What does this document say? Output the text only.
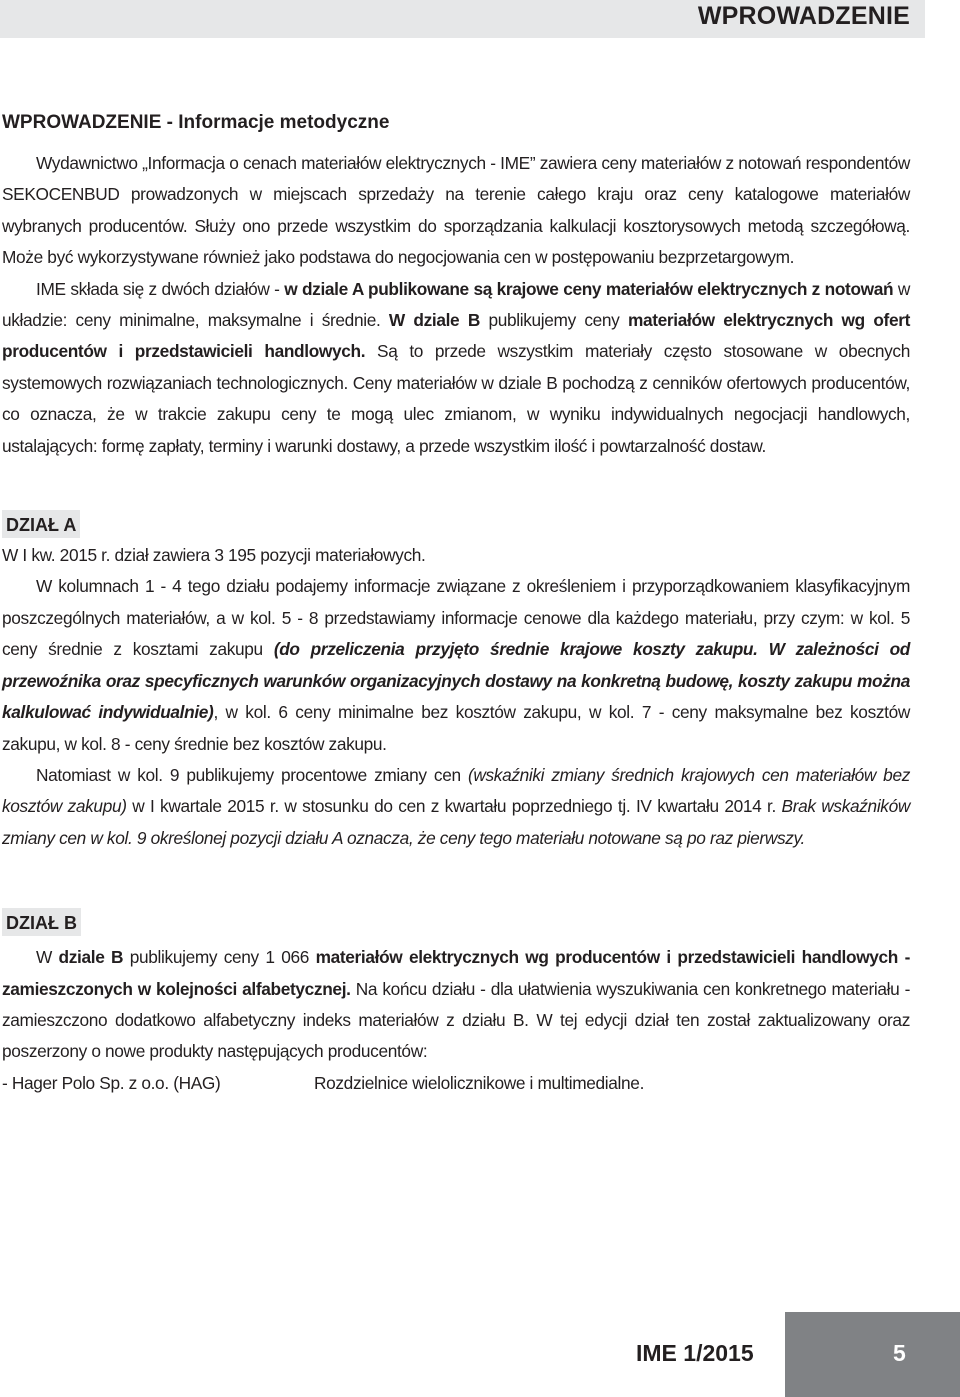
WPROWADZENIE
WPROWADZENIE - Informacje metodyczne

Wydawnictwo „Informacja o cenach materiałów elektrycznych - IME” zawiera ceny materiałów z notowań respondentów SEKOCENBUD prowadzonych w miejscach sprzedaży na terenie całego kraju oraz ceny katalogowe materiałów wybranych producentów. Służy ono przede wszystkim do sporządzania kalkulacji kosztorysowych metodą szczegółową. Może być wykorzystywane również jako podstawa do negocjowania cen w postępowaniu bezprzetargowym.

IME składa się z dwóch działów - w dziale A publikowane są krajowe ceny materiałów elektrycznych z notowań w układzie: ceny minimalne, maksymalne i średnie. W dziale B publikujemy ceny materiałów elektrycznych wg ofert producentów i przedstawicieli handlowych. Są to przede wszystkim materiały często stosowane w obecnych systemowych rozwiązaniach technologicznych. Ceny materiałów w dziale B pochodzą z cenników ofertowych producentów, co oznacza, że w trakcie zakupu ceny te mogą ulec zmianom, w wyniku indywidualnych negocjacji handlowych, ustalających: formę zapłaty, terminy i warunki dostawy, a przede wszystkim ilość i powtarzalność dostaw.

DZIAŁ A

W I kw. 2015 r. dział zawiera 3 195 pozycji materiałowych.

W kolumnach 1 - 4 tego działu podajemy informacje związane z określeniem i przyporządkowaniem klasyfikacyjnym poszczególnych materiałów, a w kol. 5 - 8 przedstawiamy informacje cenowe dla każdego materiału, przy czym: w kol. 5 ceny średnie z kosztami zakupu (do przeliczenia przyjęto średnie krajowe koszty zakupu. W zależności od przewoźnika oraz specyficznych warunków organizacyjnych dostawy na konkretną budowę, koszty zakupu można kalkulować indywidualnie), w kol. 6 ceny minimalne bez kosztów zakupu, w kol. 7 - ceny maksymalne bez kosztów zakupu, w kol. 8 - ceny średnie bez kosztów zakupu.

Natomiast w kol. 9 publikujemy procentowe zmiany cen (wskaźniki zmiany średnich krajowych cen materiałów bez kosztów zakupu) w I kwartale 2015 r. w stosunku do cen z kwartału poprzedniego tj. IV kwartału 2014 r. Brak wskaźników zmiany cen w kol. 9 określonej pozycji działu A oznacza, że ceny tego materiału notowane są po raz pierwszy.

DZIAŁ B

W dziale B publikujemy ceny 1 066 materiałów elektrycznych wg producentów i przedstawicieli handlowych - zamieszczonych w kolejności alfabetycznej. Na końcu działu - dla ułatwienia wyszukiwania cen konkretnego materiału - zamieszczono dodatkowo alfabetyczny indeks materiałów z działu B. W tej edycji dział ten został zaktualizowany oraz poszerzony o nowe produkty następujących producentów:

- Hager Polo Sp. z o.o. (HAG)	Rozdzielnice wielolicznikowe i multimedialne.
IME 1/2015	5
